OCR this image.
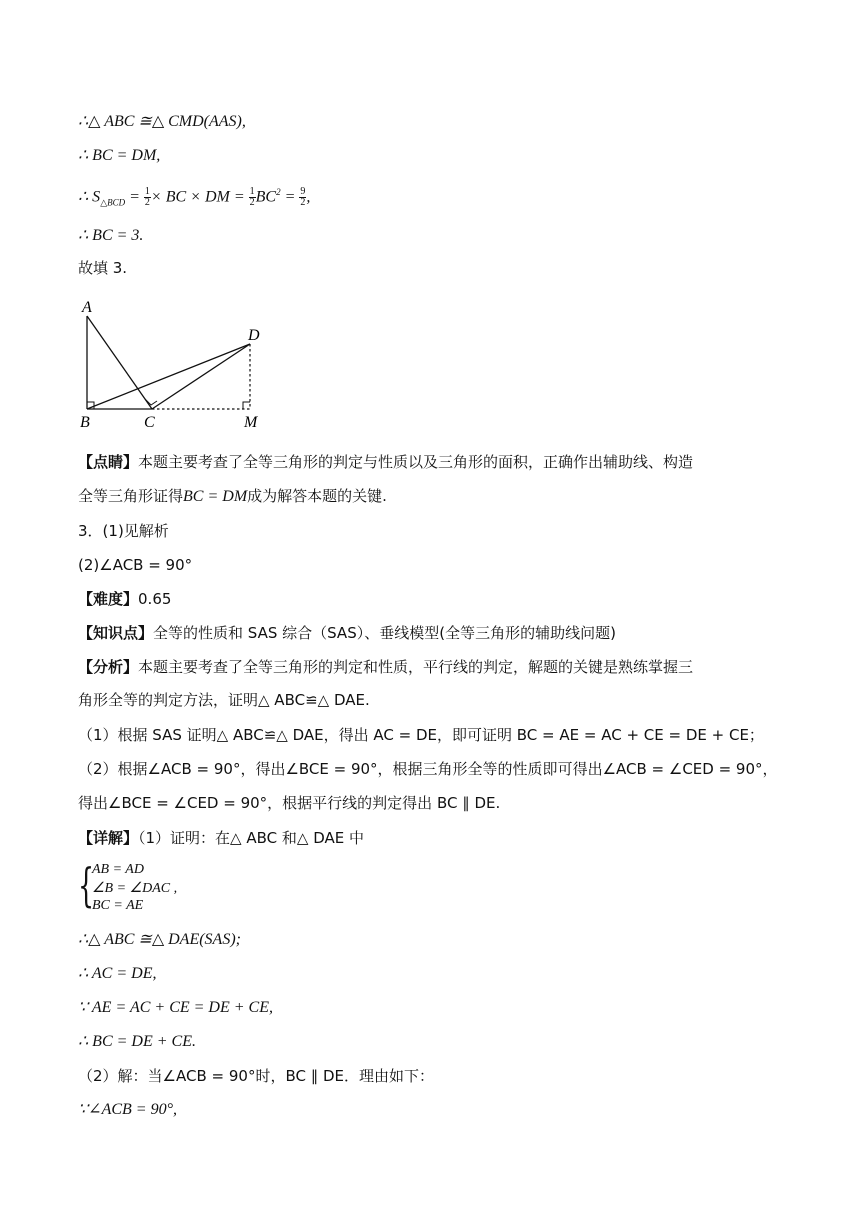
∴△ ABC ≅△ CMD(AAS),
∴ BC = DM,
∴ $S_{\triangle BCD} = \frac{1}{2}$ × BC × DM = $\frac{1}{2} BC^2 = \frac{9}{2}$ ,
∴ BC = 3.
故填 3.
A
B	C
D
M
【点睛】本题主要考查了全等三角形的判定与性质以及三角形的面积，正确作出辅助线、构造
全等三角形证得BC = DM成为解答本题的关键.
3．(1)见解析
(2)∠ACB = 90°
【难度】0.65
【知识点】全等的性质和 SAS 综合（SAS）、垂线模型(全等三角形的辅助线问题)
【分析】本题主要考查了全等三角形的判定和性质，平行线的判定，解题的关键是熟练掌握三
角形全等的判定方法，证明△ ABC≌△ DAE.
（1）根据 SAS 证明△ ABC≌△ DAE，得出 AC = DE，即可证明 BC = AE = AC + CE = DE + CE；
（2）根据∠ACB = 90°，得出∠BCE = 90°，根据三角形全等的性质即可得出∠ACB = ∠CED = 90°，
得出∠BCE = ∠CED = 90°，根据平行线的判定得出 BC ∥ DE.
【详解】（1）证明：在△ ABC 和△ DAE 中
{
AB = AD
∠B = ∠DAC ,
BC = AE
∴△ ABC ≅△ DAE(SAS);
∴ AC = DE,
∵ AE = AC + CE = DE + CE,
∴ BC = DE + CE.
（2）解：当∠ACB = 90°时，BC ∥ DE．理由如下：
∵∠ACB = 90°,
